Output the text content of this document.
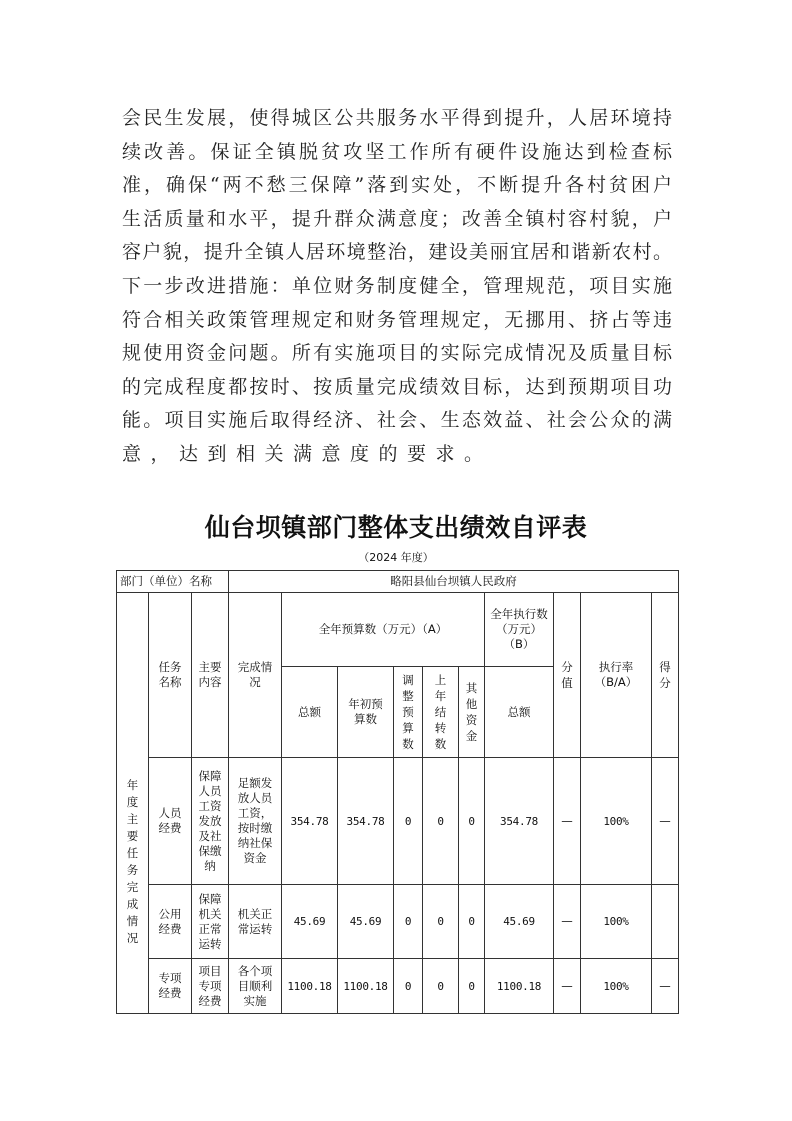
会民生发展，使得城区公共服务水平得到提升，人居环境持
续改善。保证全镇脱贫攻坚工作所有硬件设施达到检查标
准，确保“两不愁三保障”落到实处，不断提升各村贫困户
生活质量和水平，提升群众满意度；改善全镇村容村貌，户
容户貌，提升全镇人居环境整治，建设美丽宜居和谐新农村。
下一步改进措施：单位财务制度健全，管理规范，项目实施
符合相关政策管理规定和财务管理规定，无挪用、挤占等违
规使用资金问题。所有实施项目的实际完成情况及质量目标
的完成程度都按时、按质量完成绩效目标，达到预期项目功
能。项目实施后取得经济、社会、生态效益、社会公众的满
意，达到相关满意度的要求。
仙台坝镇部门整体支出绩效自评表
（2024 年度）
部门（单位）名称			略阳县仙台坝镇人民政府									
年度主要任务完成情况	任务名称	主要内容	完成情况	全年预算数（万元）（A）					全年执行数（万元）（B）	分值	执行率（B/A）	得分
				总额	年初预算数	调整预算数	上年结转数	其他资金	总额			
	人员经费	保障人员工资发放及社保缴纳	足额发放人员工资，按时缴纳社保资金	354.78	354.78	0	0	0	354.78	—	100%	—
	公用经费	保障机关正常运转	机关正常运转	45.69	45.69	0	0	0	45.69	—	100%	
	专项经费	项目专项经费	各个项目顺利实施	1100.18	1100.18	0	0	0	1100.18	—	100%	—
